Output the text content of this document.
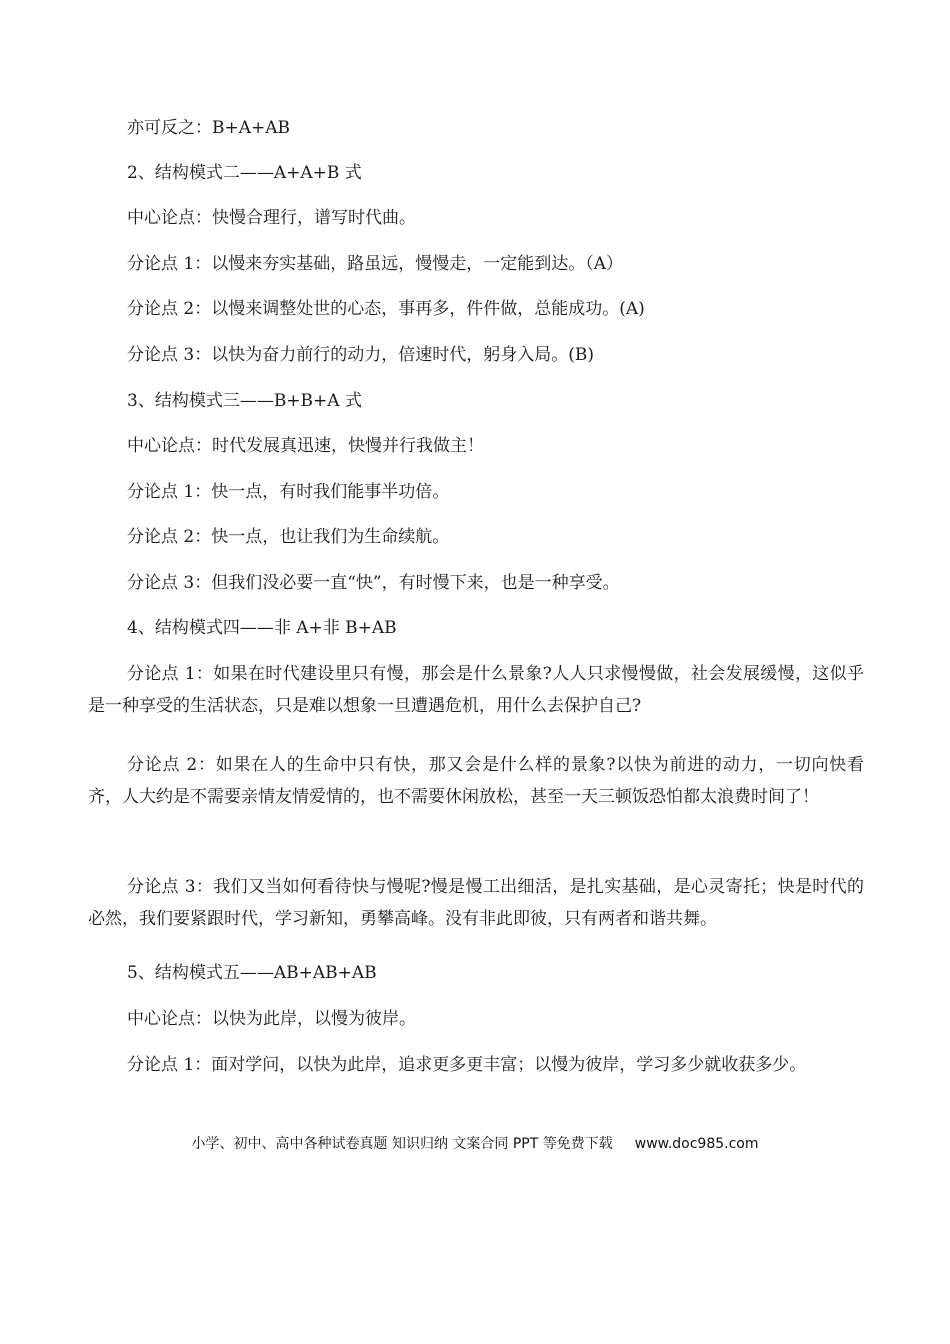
亦可反之：B+A+AB
2、结构模式二——A+A+B 式
中心论点：快慢合理行，谱写时代曲。
分论点 1：以慢来夯实基础，路虽远，慢慢走，一定能到达。（A）
分论点 2：以慢来调整处世的心态，事再多，件件做，总能成功。(A)
分论点 3：以快为奋力前行的动力，倍速时代，躬身入局。(B)
3、结构模式三——B+B+A 式
中心论点：时代发展真迅速，快慢并行我做主！
分论点 1：快一点，有时我们能事半功倍。
分论点 2：快一点，也让我们为生命续航。
分论点 3：但我们没必要一直“快”，有时慢下来，也是一种享受。
4、结构模式四——非 A+非 B+AB
分论点 1：如果在时代建设里只有慢，那会是什么景象?人人只求慢慢做，社会发展缓慢，这似乎是一种享受的生活状态，只是难以想象一旦遭遇危机，用什么去保护自己?
分论点 2：如果在人的生命中只有快，那又会是什么样的景象?以快为前进的动力，一切向快看齐，人大约是不需要亲情友情爱情的，也不需要休闲放松，甚至一天三顿饭恐怕都太浪费时间了！
分论点 3：我们又当如何看待快与慢呢?慢是慢工出细活，是扎实基础，是心灵寄托；快是时代的必然，我们要紧跟时代，学习新知，勇攀高峰。没有非此即彼，只有两者和谐共舞。
5、结构模式五——AB+AB+AB
中心论点：以快为此岸，以慢为彼岸。
分论点 1：面对学问，以快为此岸，追求更多更丰富；以慢为彼岸，学习多少就收获多少。
小学、初中、高中各种试卷真题 知识归纳 文案合同 PPT 等免费下载 www.doc985.com
